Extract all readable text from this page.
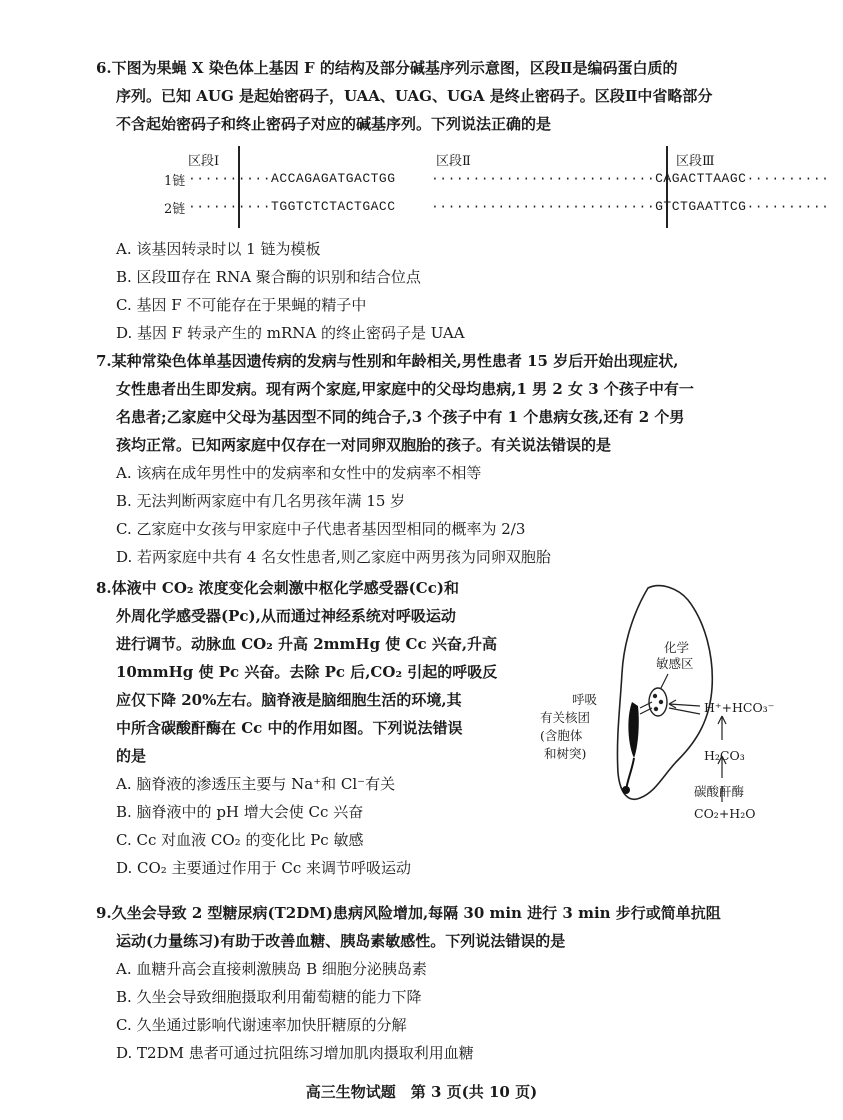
6.下图为果蝇 X 染色体上基因 F 的结构及部分碱基序列示意图，区段Ⅱ是编码蛋白质的
序列。已知 AUG 是起始密码子，UAA、UAG、UGA 是终止密码子。区段Ⅱ中省略部分
不含起始密码子和终止密码子对应的碱基序列。下列说法正确的是
区段Ⅰ	区段Ⅱ	区段Ⅲ
1链 ··········ACCAGAGATGACTGG	···························CAGACTTAAGC··········
2链 ··········TGGTCTCTACTGACC	···························GTCTGAATTCG··········
A. 该基因转录时以 1 链为模板
B. 区段Ⅲ存在 RNA 聚合酶的识别和结合位点
C. 基因 F 不可能存在于果蝇的精子中
D. 基因 F 转录产生的 mRNA 的终止密码子是 UAA
7.某种常染色体单基因遗传病的发病与性别和年龄相关,男性患者 15 岁后开始出现症状,
女性患者出生即发病。现有两个家庭,甲家庭中的父母均患病,1 男 2 女 3 个孩子中有一
名患者;乙家庭中父母为基因型不同的纯合子,3 个孩子中有 1 个患病女孩,还有 2 个男
孩均正常。已知两家庭中仅存在一对同卵双胞胎的孩子。有关说法错误的是
A. 该病在成年男性中的发病率和女性中的发病率不相等
B. 无法判断两家庭中有几名男孩年满 15 岁
C. 乙家庭中女孩与甲家庭中子代患者基因型相同的概率为 2/3
D. 若两家庭中共有 4 名女性患者,则乙家庭中两男孩为同卵双胞胎
8.体液中 CO₂ 浓度变化会刺激中枢化学感受器(Cc)和
外周化学感受器(Pc),从而通过神经系统对呼吸运动
进行调节。动脉血 CO₂ 升高 2mmHg 使 Cc 兴奋,升高
10mmHg 使 Pc 兴奋。去除 Pc 后,CO₂ 引起的呼吸反
应仅下降 20%左右。脑脊液是脑细胞生活的环境,其
中所含碳酸酐酶在 Cc 中的作用如图。下列说法错误
的是
A. 脑脊液的渗透压主要与 Na⁺和 Cl⁻有关
B. 脑脊液中的 pH 增大会使 Cc 兴奋
C. Cc 对血液 CO₂ 的变化比 Pc 敏感
D. CO₂ 主要通过作用于 Cc 来调节呼吸运动
化学
敏感区
呼吸
有关核团
(含胞体
和树突)
H⁺+HCO₃⁻
H₂CO₃
碳酸酐酶
CO₂+H₂O
9.久坐会导致 2 型糖尿病(T2DM)患病风险增加,每隔 30 min 进行 3 min 步行或简单抗阻
运动(力量练习)有助于改善血糖、胰岛素敏感性。下列说法错误的是
A. 血糖升高会直接刺激胰岛 B 细胞分泌胰岛素
B. 久坐会导致细胞摄取利用葡萄糖的能力下降
C. 久坐通过影响代谢速率加快肝糖原的分解
D. T2DM 患者可通过抗阻练习增加肌肉摄取利用血糖
高三生物试题　第 3 页(共 10 页)
